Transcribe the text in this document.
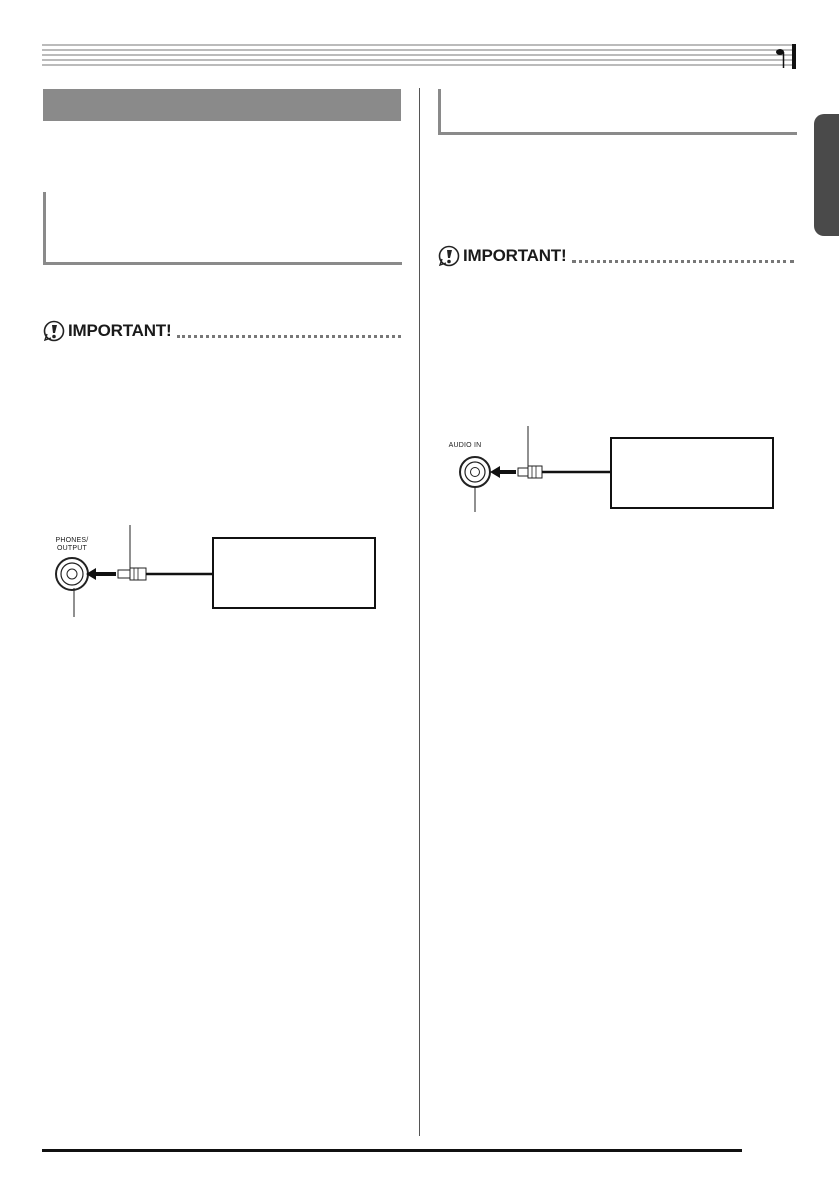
IMPORTANT!
PHONES/
OUTPUT
IMPORTANT!
AUDIO IN
